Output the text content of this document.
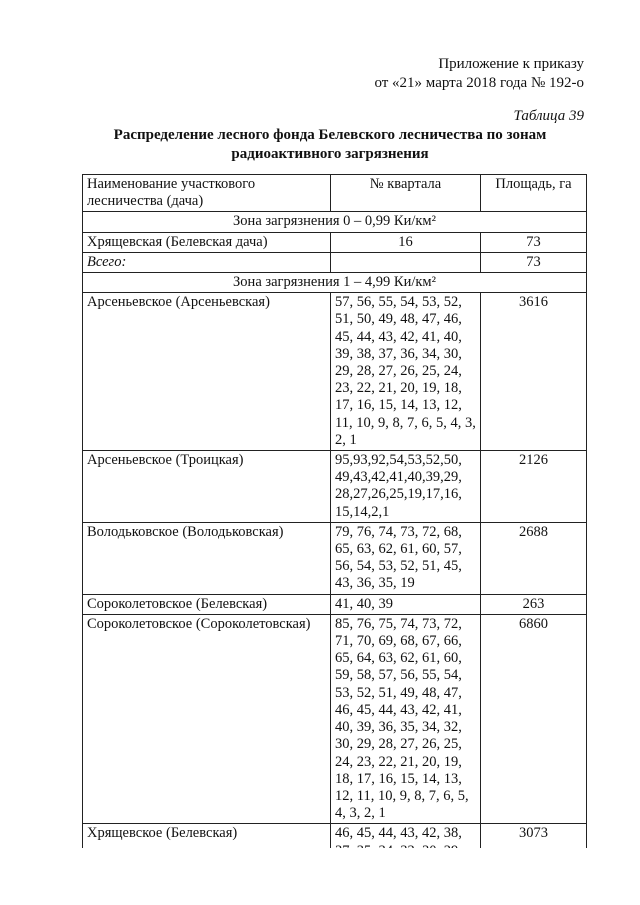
Приложение к приказу
от «21» марта 2018 года № 192-о
Таблица 39
Распределение лесного фонда Белевского лесничества по зонам радиоактивного загрязнения
Наименование участкового лесничества (дача)	№ квартала	Площадь, га
Зона загрязнения 0 – 0,99 Ки/км²		
Хрящевская (Белевская дача)	16	73
Всего:		73
Зона загрязнения 1 – 4,99 Ки/км²		
Арсеньевское (Арсеньевская)	57, 56, 55, 54, 53, 52, 51, 50, 49, 48, 47, 46, 45, 44, 43, 42, 41, 40, 39, 38, 37, 36, 34, 30, 29, 28, 27, 26, 25, 24, 23, 22, 21, 20, 19, 18, 17, 16, 15, 14, 13, 12, 11, 10, 9, 8, 7, 6, 5, 4, 3, 2, 1	3616
Арсеньевское (Троицкая)	95,93,92,54,53,52,50, 49,43,42,41,40,39,29, 28,27,26,25,19,17,16, 15,14,2,1	2126
Володьковское (Володьковская)	79, 76, 74, 73, 72, 68, 65, 63, 62, 61, 60, 57, 56, 54, 53, 52, 51, 45, 43, 36, 35, 19	2688
Сороколетовское (Белевская)	41, 40, 39	263
Сороколетовское (Сороколетовская)	85, 76, 75, 74, 73, 72, 71, 70, 69, 68, 67, 66, 65, 64, 63, 62, 61, 60, 59, 58, 57, 56, 55, 54, 53, 52, 51, 49, 48, 47, 46, 45, 44, 43, 42, 41, 40, 39, 36, 35, 34, 32, 30, 29, 28, 27, 26, 25, 24, 23, 22, 21, 20, 19, 18, 17, 16, 15, 14, 13, 12, 11, 10, 9, 8, 7, 6, 5, 4, 3, 2, 1	6860
Хрящевское (Белевская)	46, 45, 44, 43, 42, 38,	3073
